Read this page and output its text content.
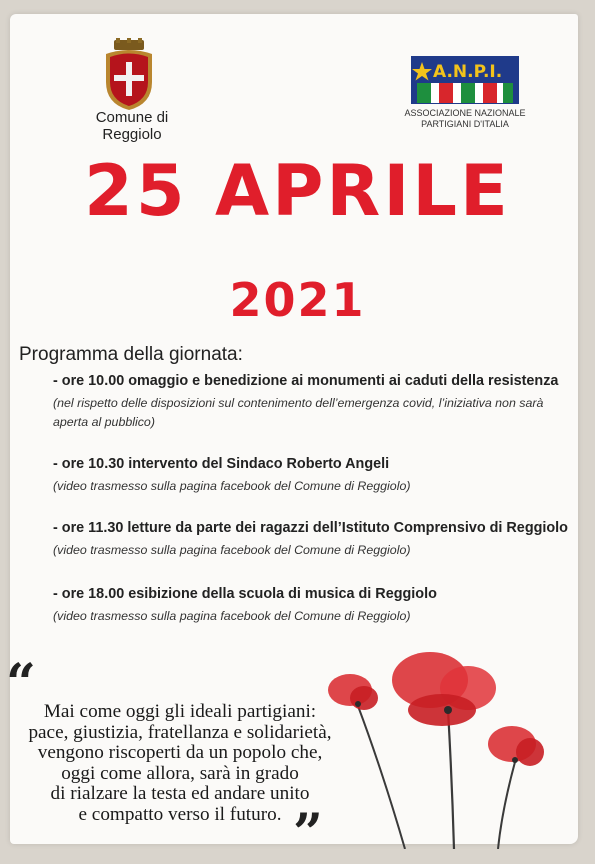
Comune di
Reggiolo
A.N.P.I.
ASSOCIAZIONE NAZIONALE
PARTIGIANI D'ITALIA
25 APRILE
2021
Programma della giornata:
- ore 10.00 omaggio e benedizione ai monumenti ai caduti della resistenza
(nel rispetto delle disposizioni sul contenimento dell’emergenza covid, l’iniziativa non sarà aperta al pubblico)
- ore 10.30 intervento del Sindaco Roberto Angeli
(video trasmesso sulla pagina facebook del Comune di Reggiolo)
- ore 11.30 letture da parte dei ragazzi dell’Istituto Comprensivo di Reggiolo
(video trasmesso sulla pagina facebook del Comune di Reggiolo)
- ore 18.00 esibizione della scuola di musica di Reggiolo
(video trasmesso sulla pagina facebook del Comune di Reggiolo)
“ Mai come oggi gli ideali partigiani:
pace, giustizia, fratellanza e solidarietà,
vengono riscoperti da un popolo che,
oggi come allora, sarà in grado
di rialzare la testa ed andare unito
e compatto verso il futuro. ”
